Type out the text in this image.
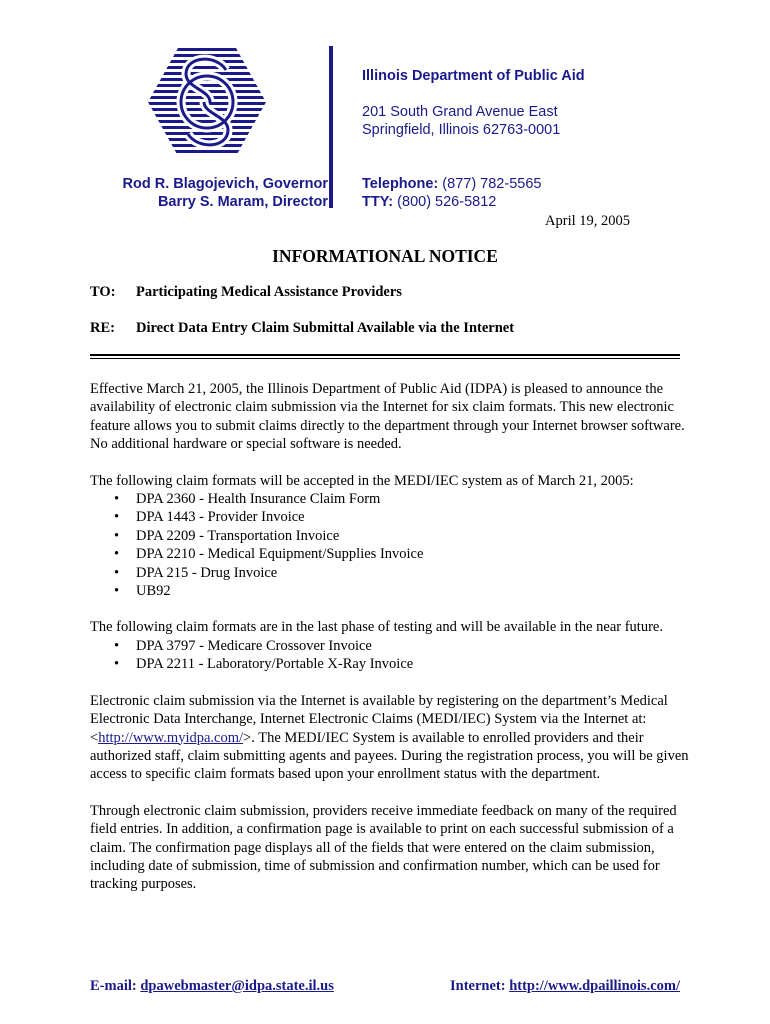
Rod R. Blagojevich, Governor
Barry S. Maram, Director
Illinois Department of Public Aid
201 South Grand Avenue East
Springfield, Illinois 62763-0001
Telephone: (877) 782-5565
TTY: (800) 526-5812
April 19, 2005
INFORMATIONAL NOTICE
TO: Participating Medical Assistance Providers
RE: Direct Data Entry Claim Submittal Available via the Internet

Effective March 21, 2005, the Illinois Department of Public Aid (IDPA) is pleased to announce the availability of electronic claim submission via the Internet for six claim formats. This new electronic feature allows you to submit claims directly to the department through your Internet browser software. No additional hardware or special software is needed.

The following claim formats will be accepted in the MEDI/IEC system as of March 21, 2005:

• DPA 2360 - Health Insurance Claim Form
• DPA 1443 - Provider Invoice
• DPA 2209 - Transportation Invoice
• DPA 2210 - Medical Equipment/Supplies Invoice
• DPA 215 - Drug Invoice
• UB92

The following claim formats are in the last phase of testing and will be available in the near future.

• DPA 3797 - Medicare Crossover Invoice
• DPA 2211 - Laboratory/Portable X-Ray Invoice

Electronic claim submission via the Internet is available by registering on the department’s Medical Electronic Data Interchange, Internet Electronic Claims (MEDI/IEC) System via the Internet at: <http://www.myidpa.com/>. The MEDI/IEC System is available to enrolled providers and their authorized staff, claim submitting agents and payees. During the registration process, you will be given access to specific claim formats based upon your enrollment status with the department.

Through electronic claim submission, providers receive immediate feedback on many of the required field entries. In addition, a confirmation page is available to print on each successful submission of a claim. The confirmation page displays all of the fields that were entered on the claim submission, including date of submission, time of submission and confirmation number, which can be used for tracking purposes.

E-mail: dpawebmaster@idpa.state.il.us	Internet: http://www.dpaillinois.com/
